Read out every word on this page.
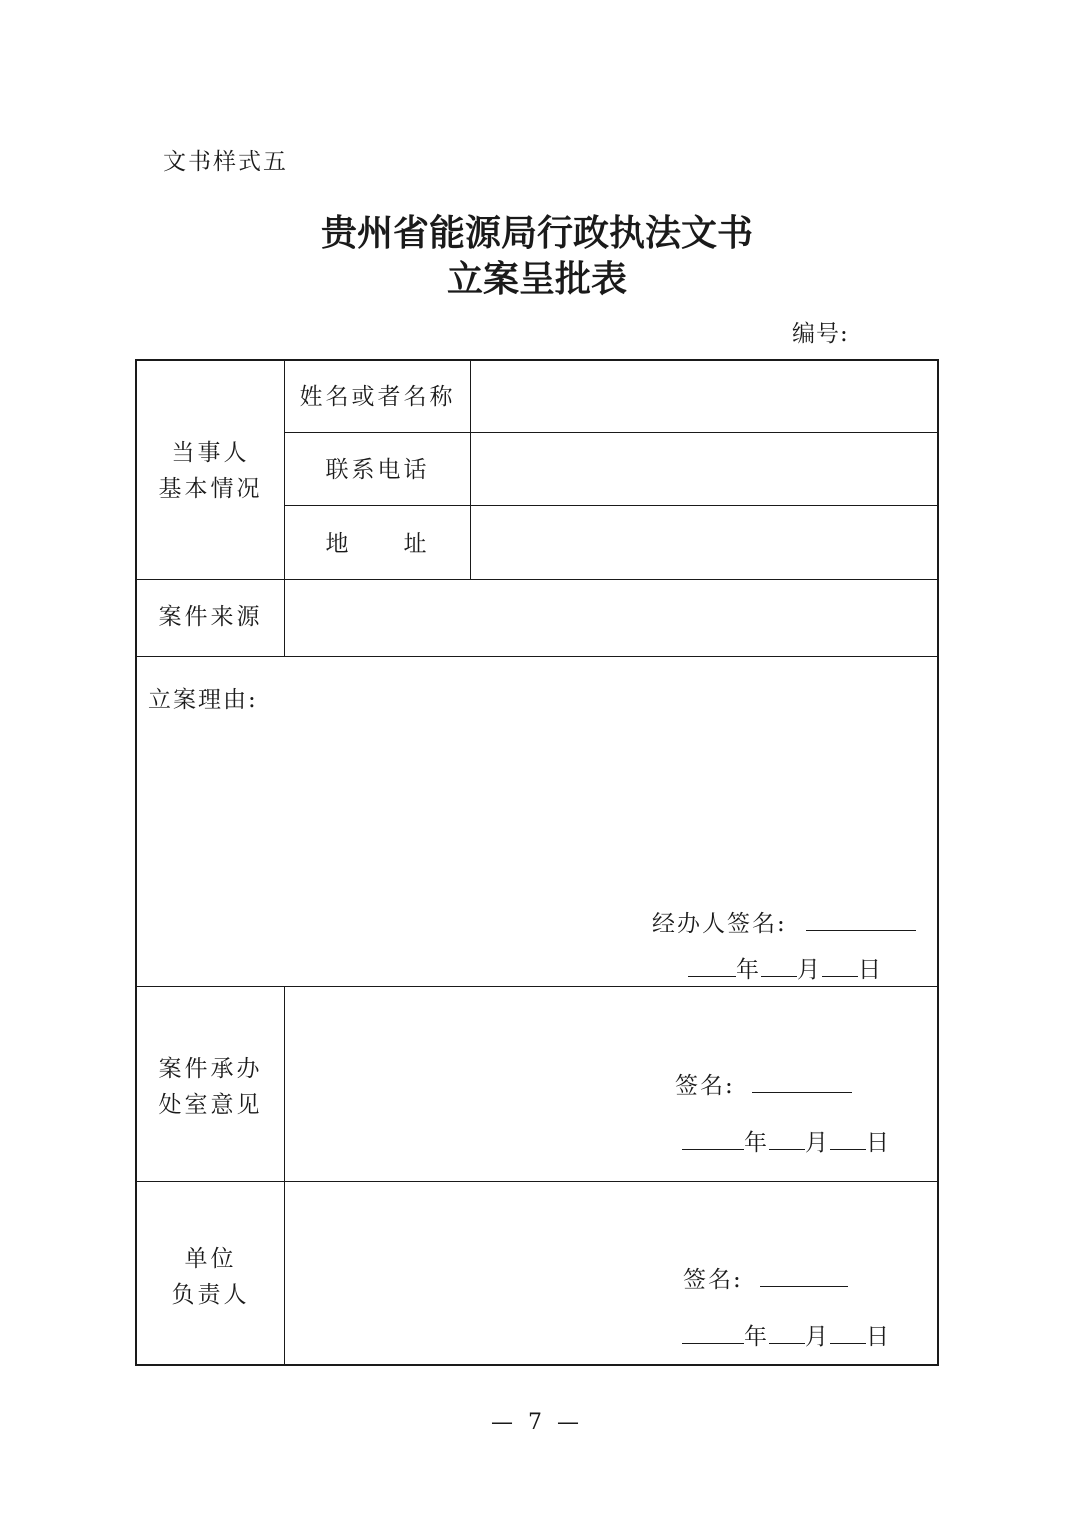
文书样式五
贵州省能源局行政执法文书
立案呈批表
编号:
当事人
基本情况
姓名或者名称
联系电话
地　　址
案件来源
立案理由:
经办人签名:
年 月 日
案件承办
处室意见
签名:
年 月 日
单位
负责人
签名:
年 月 日
— 7 —
